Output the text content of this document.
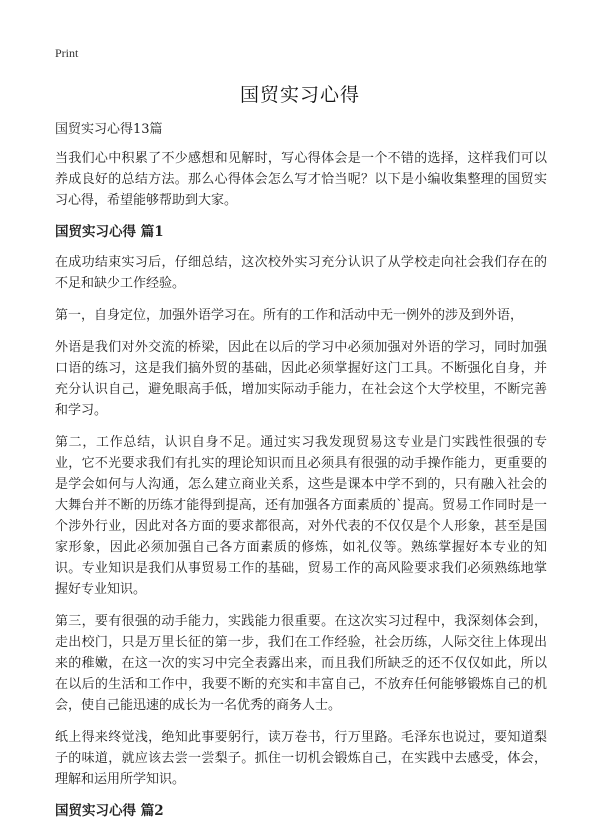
Print
国贸实习心得
国贸实习心得13篇

当我们心中积累了不少感想和见解时，写心得体会是一个不错的选择，这样我们可以养成良好的总结方法。那么心得体会怎么写才恰当呢？以下是小编收集整理的国贸实习心得，希望能够帮助到大家。

国贸实习心得 篇1

在成功结束实习后，仔细总结，这次校外实习充分认识了从学校走向社会我们存在的不足和缺少工作经验。

第一，自身定位，加强外语学习在。所有的工作和活动中无一例外的涉及到外语，

外语是我们对外交流的桥梁，因此在以后的学习中必须加强对外语的学习，同时加强口语的练习，这是我们搞外贸的基础，因此必须掌握好这门工具。不断强化自身，并充分认识自己，避免眼高手低，增加实际动手能力，在社会这个大学校里，不断完善和学习。

第二，工作总结，认识自身不足。通过实习我发现贸易这专业是门实践性很强的专业，它不光要求我们有扎实的理论知识而且必须具有很强的动手操作能力，更重要的是学会如何与人沟通，怎么建立商业关系，这些是课本中学不到的，只有融入社会的大舞台并不断的历练才能得到提高，还有加强各方面素质的`提高。贸易工作同时是一个涉外行业，因此对各方面的要求都很高，对外代表的不仅仅是个人形象，甚至是国家形象，因此必须加强自己各方面素质的修炼，如礼仪等。熟练掌握好本专业的知识。专业知识是我们从事贸易工作的基础，贸易工作的高风险要求我们必须熟练地掌握好专业知识。

第三，要有很强的动手能力，实践能力很重要。在这次实习过程中，我深刻体会到，走出校门，只是万里长征的第一步，我们在工作经验，社会历练，人际交往上体现出来的稚嫩，在这一次的实习中完全表露出来，而且我们所缺乏的还不仅仅如此，所以在以后的生活和工作中，我要不断的充实和丰富自己，不放弃任何能够锻炼自己的机会，使自己能迅速的成长为一名优秀的商务人士。

纸上得来终觉浅，绝知此事要躬行，读万卷书，行万里路。毛泽东也说过，要知道梨子的味道，就应该去尝一尝梨子。抓住一切机会锻炼自己，在实践中去感受，体会，理解和运用所学知识。

国贸实习心得 篇2
